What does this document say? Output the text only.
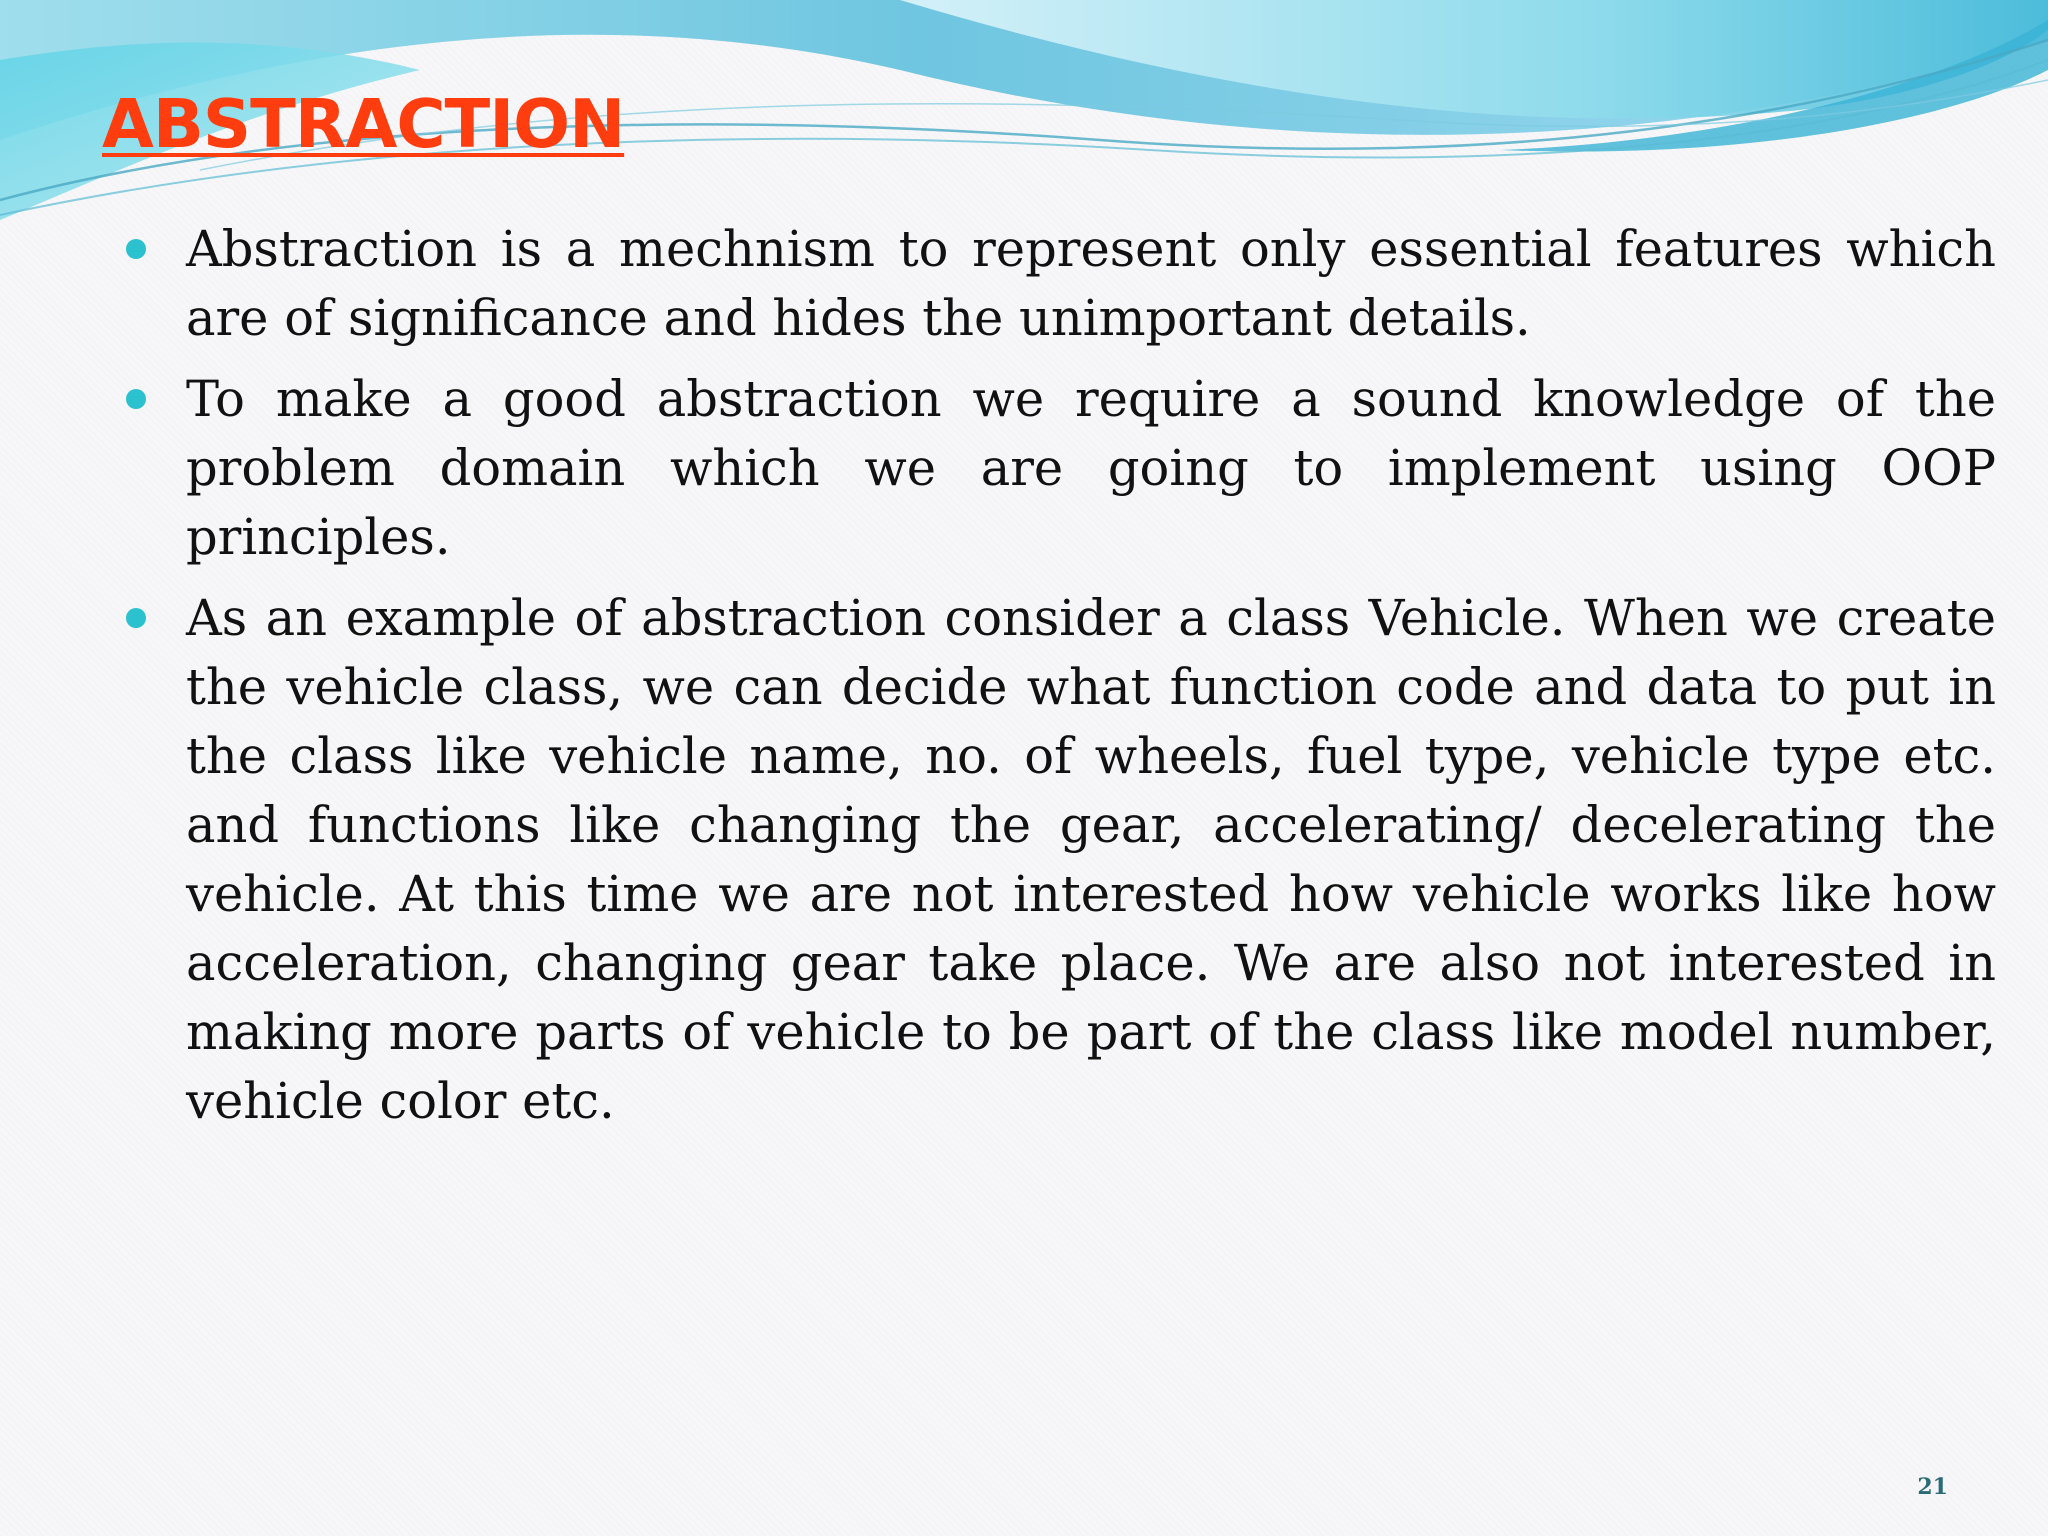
ABSTRACTION
Abstraction is a mechnism to represent only essential features which are of significance and hides the unimportant details.
To make a good abstraction we require a sound knowledge of the problem domain which we are going to implement using OOP principles.
As an example of abstraction consider a class Vehicle. When we create the vehicle class, we can decide what function code and data to put in the class like vehicle name, no. of wheels, fuel type, vehicle type etc. and functions like changing the gear, accelerating/ decelerating the vehicle. At this time we are not interested how vehicle works like how acceleration, changing gear take place. We are also not interested in making more parts of vehicle to be part of the class like model number, vehicle color etc.
21
